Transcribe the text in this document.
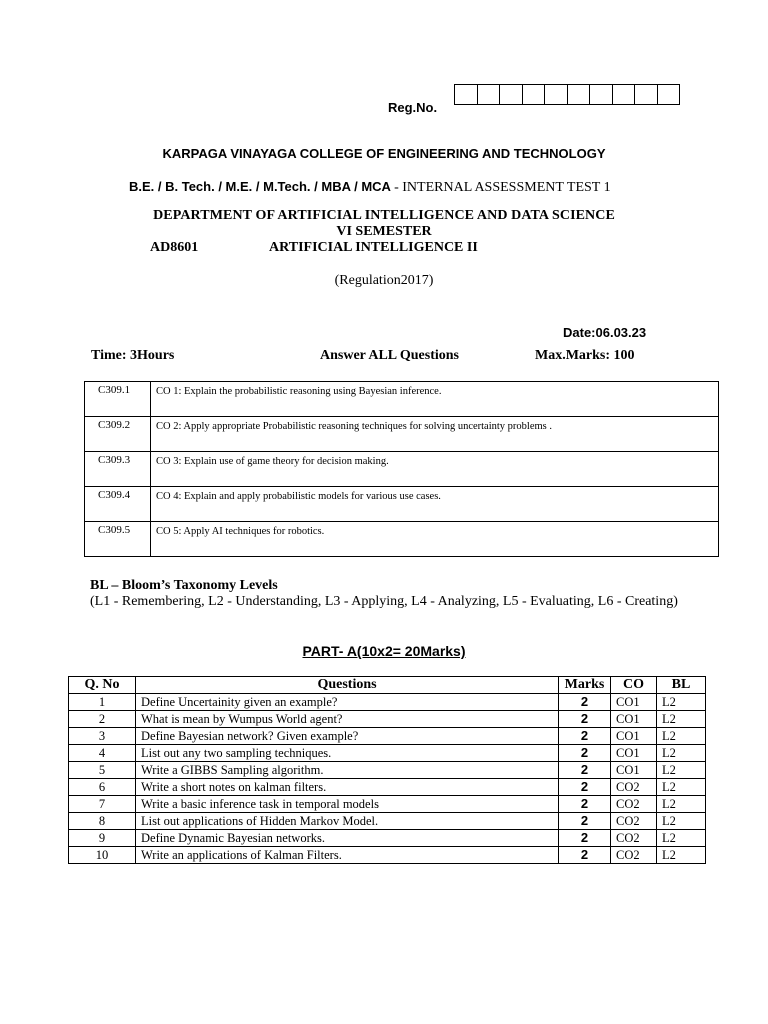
Reg.No.
KARPAGA VINAYAGA COLLEGE OF ENGINEERING AND TECHNOLOGY
B.E. / B. Tech. / M.E. / M.Tech. / MBA / MCA - INTERNAL ASSESSMENT TEST 1
DEPARTMENT OF ARTIFICIAL INTELLIGENCE AND DATA SCIENCE
VI SEMESTER
AD8601	ARTIFICIAL INTELLIGENCE II
(Regulation2017)
Date:06.03.23
Time: 3Hours	Answer ALL Questions	Max.Marks: 100
C309.1	CO 1: Explain the probabilistic reasoning using Bayesian inference.
C309.2	CO 2: Apply appropriate Probabilistic reasoning techniques for solving uncertainty problems .
C309.3	CO 3: Explain use of game theory for decision making.
C309.4	CO 4: Explain and apply probabilistic models for various use cases.
C309.5	CO 5: Apply AI techniques for robotics.
BL – Bloom’s Taxonomy Levels
(L1 - Remembering, L2 - Understanding, L3 - Applying, L4 - Analyzing, L5 - Evaluating, L6 - Creating)
PART- A(10x2= 20Marks)
Q. No	Questions	Marks	CO	BL
1	Define Uncertainity given an example?	2	CO1	L2
2	What is mean by Wumpus World agent?	2	CO1	L2
3	Define Bayesian network? Given example?	2	CO1	L2
4	List out any two sampling techniques.	2	CO1	L2
5	Write a GIBBS Sampling algorithm.	2	CO1	L2
6	Write a short notes on kalman filters.	2	CO2	L2
7	Write a basic inference task in temporal models	2	CO2	L2
8	List out applications of Hidden Markov Model.	2	CO2	L2
9	Define Dynamic Bayesian networks.	2	CO2	L2
10	Write an applications of Kalman Filters.	2	CO2	L2
